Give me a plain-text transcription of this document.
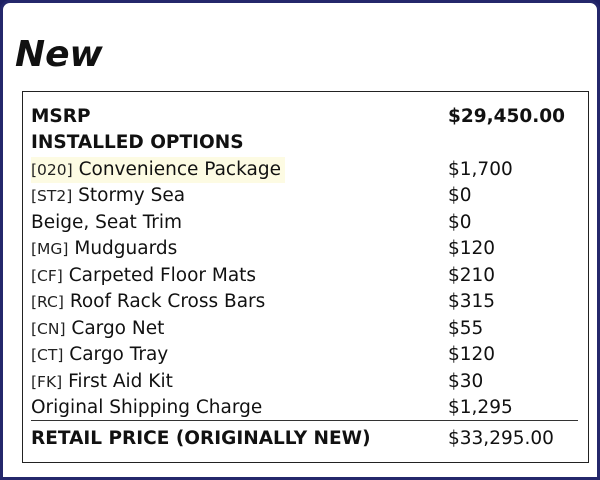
New
MSRP	$29,450.00
INSTALLED OPTIONS
[020] Convenience Package	$1,700
[ST2] Stormy Sea	$0
Beige, Seat Trim	$0
[MG] Mudguards	$120
[CF] Carpeted Floor Mats	$210
[RC] Roof Rack Cross Bars	$315
[CN] Cargo Net	$55
[CT] Cargo Tray	$120
[FK] First Aid Kit	$30
Original Shipping Charge	$1,295
RETAIL PRICE (ORIGINALLY NEW)	$33,295.00
